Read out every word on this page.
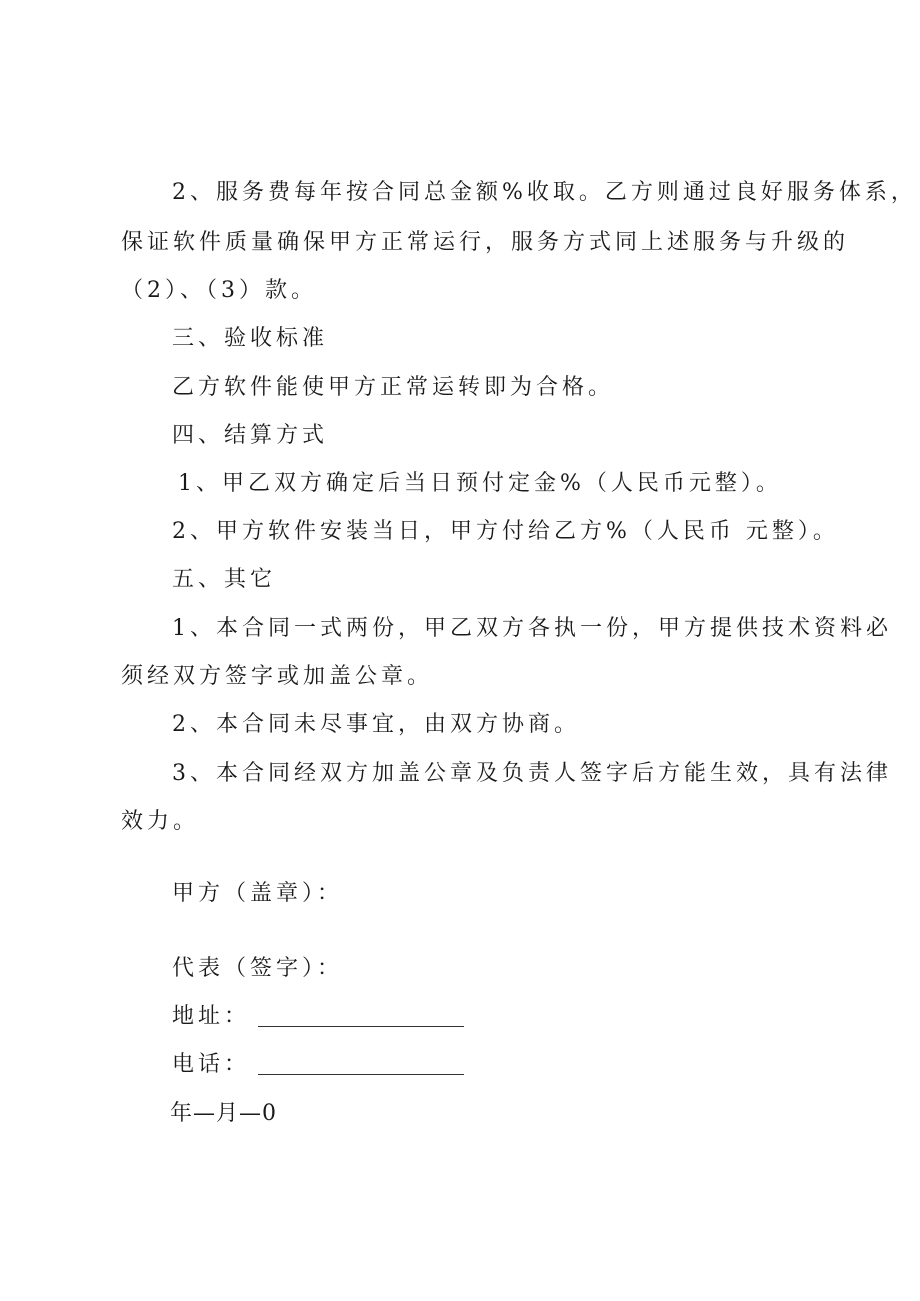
2、服务费每年按合同总金额%收取。乙方则通过良好服务体系，
保证软件质量确保甲方正常运行，服务方式同上述服务与升级的
（2）、（3）款。
三、验收标准
乙方软件能使甲方正常运转即为合格。
四、结算方式
1、甲乙双方确定后当日预付定金%（人民币元整）。
2、甲方软件安装当日，甲方付给乙方%（人民币 元整）。
五、其它
1、本合同一式两份，甲乙双方各执一份，甲方提供技术资料必
须经双方签字或加盖公章。
2、本合同未尽事宜，由双方协商。
3、本合同经双方加盖公章及负责人签字后方能生效，具有法律
效力。
甲方（盖章）：
代表（签字）：
地址：
电话：
年—月—0
